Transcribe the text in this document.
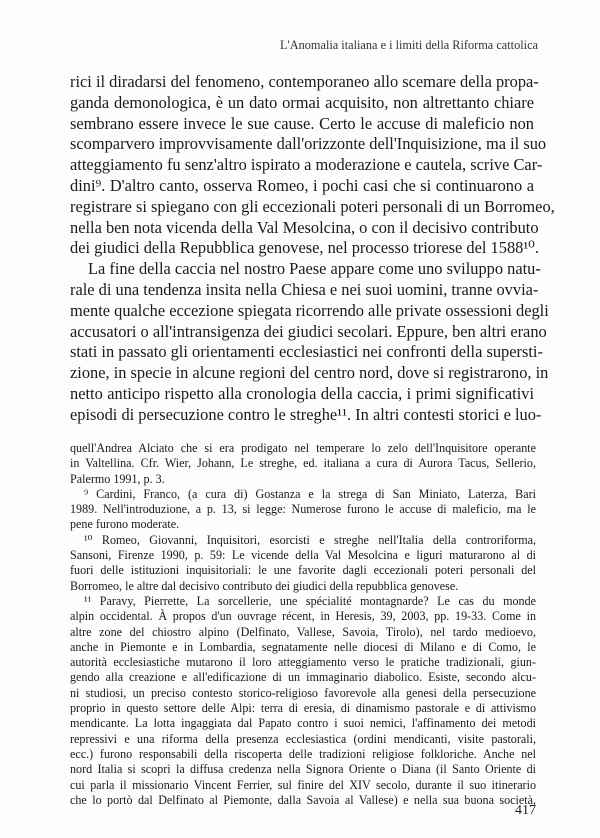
L'Anomalia italiana e i limiti della Riforma cattolica
rici il diradarsi del fenomeno, contemporaneo allo scemare della propa-
ganda demonologica, è un dato ormai acquisito, non altrettanto chiare
sembrano essere invece le sue cause. Certo le accuse di maleficio non
scomparvero improvvisamente dall'orizzonte dell'Inquisizione, ma il suo
atteggiamento fu senz'altro ispirato a moderazione e cautela, scrive Car-
dini⁹. D'altro canto, osserva Romeo, i pochi casi che si continuarono a
registrare si spiegano con gli eccezionali poteri personali di un Borromeo,
nella ben nota vicenda della Val Mesolcina, o con il decisivo contributo
dei giudici della Repubblica genovese, nel processo triorese del 1588¹⁰.
La fine della caccia nel nostro Paese appare come uno sviluppo natu-
rale di una tendenza insita nella Chiesa e nei suoi uomini, tranne ovvia-
mente qualche eccezione spiegata ricorrendo alle private ossessioni degli
accusatori o all'intransigenza dei giudici secolari. Eppure, ben altri erano
stati in passato gli orientamenti ecclesiastici nei confronti della supersti-
zione, in specie in alcune regioni del centro nord, dove si registrarono, in
netto anticipo rispetto alla cronologia della caccia, i primi significativi
episodi di persecuzione contro le streghe¹¹. In altri contesti storici e luo-
quell'Andrea Alciato che si era prodigato nel temperare lo zelo dell'Inquisitore operante
in Valtellina. Cfr. Wier, Johann, Le streghe, ed. italiana a cura di Aurora Tacus, Sellerio,
Palermo 1991, p. 3.
⁹ Cardini, Franco, (a cura di) Gostanza e la strega di San Miniato, Laterza, Bari
1989. Nell'introduzione, a p. 13, si legge: Numerose furono le accuse di maleficio, ma le
pene furono moderate.
¹⁰ Romeo, Giovanni, Inquisitori, esorcisti e streghe nell'Italia della controriforma,
Sansoni, Firenze 1990, p. 59: Le vicende della Val Mesolcina e liguri maturarono al di
fuori delle istituzioni inquisitoriali: le une favorite dagli eccezionali poteri personali del
Borromeo, le altre dal decisivo contributo dei giudici della repubblica genovese.
¹¹ Paravy, Pierrette, La sorcellerie, une spécialité montagnarde? Le cas du monde
alpin occidental. À propos d'un ouvrage récent, in Heresis, 39, 2003, pp. 19-33. Come in
altre zone del chiostro alpino (Delfinato, Vallese, Savoia, Tirolo), nel tardo medioevo,
anche in Piemonte e in Lombardia, segnatamente nelle diocesi di Milano e di Como, le
autorità ecclesiastiche mutarono il loro atteggiamento verso le pratiche tradizionali, giun-
gendo alla creazione e all'edificazione di un immaginario diabolico. Esiste, secondo alcu-
ni studiosi, un preciso contesto storico-religioso favorevole alla genesi della persecuzione
proprio in questo settore delle Alpi: terra di eresia, di dinamismo pastorale e di attivismo
mendicante. La lotta ingaggiata dal Papato contro i suoi nemici, l'affinamento dei metodi
repressivi e una riforma della presenza ecclesiastica (ordini mendicanti, visite pastorali,
ecc.) furono responsabili della riscoperta delle tradizioni religiose folkloriche. Anche nel
nord Italia si scoprì la diffusa credenza nella Signora Oriente o Diana (il Santo Oriente di
cui parla il missionario Vincent Ferrier, sul finire del XIV secolo, durante il suo itinerario
che lo portò dal Delfinato al Piemonte, dalla Savoia al Vallese) e nella sua buona società,
417
